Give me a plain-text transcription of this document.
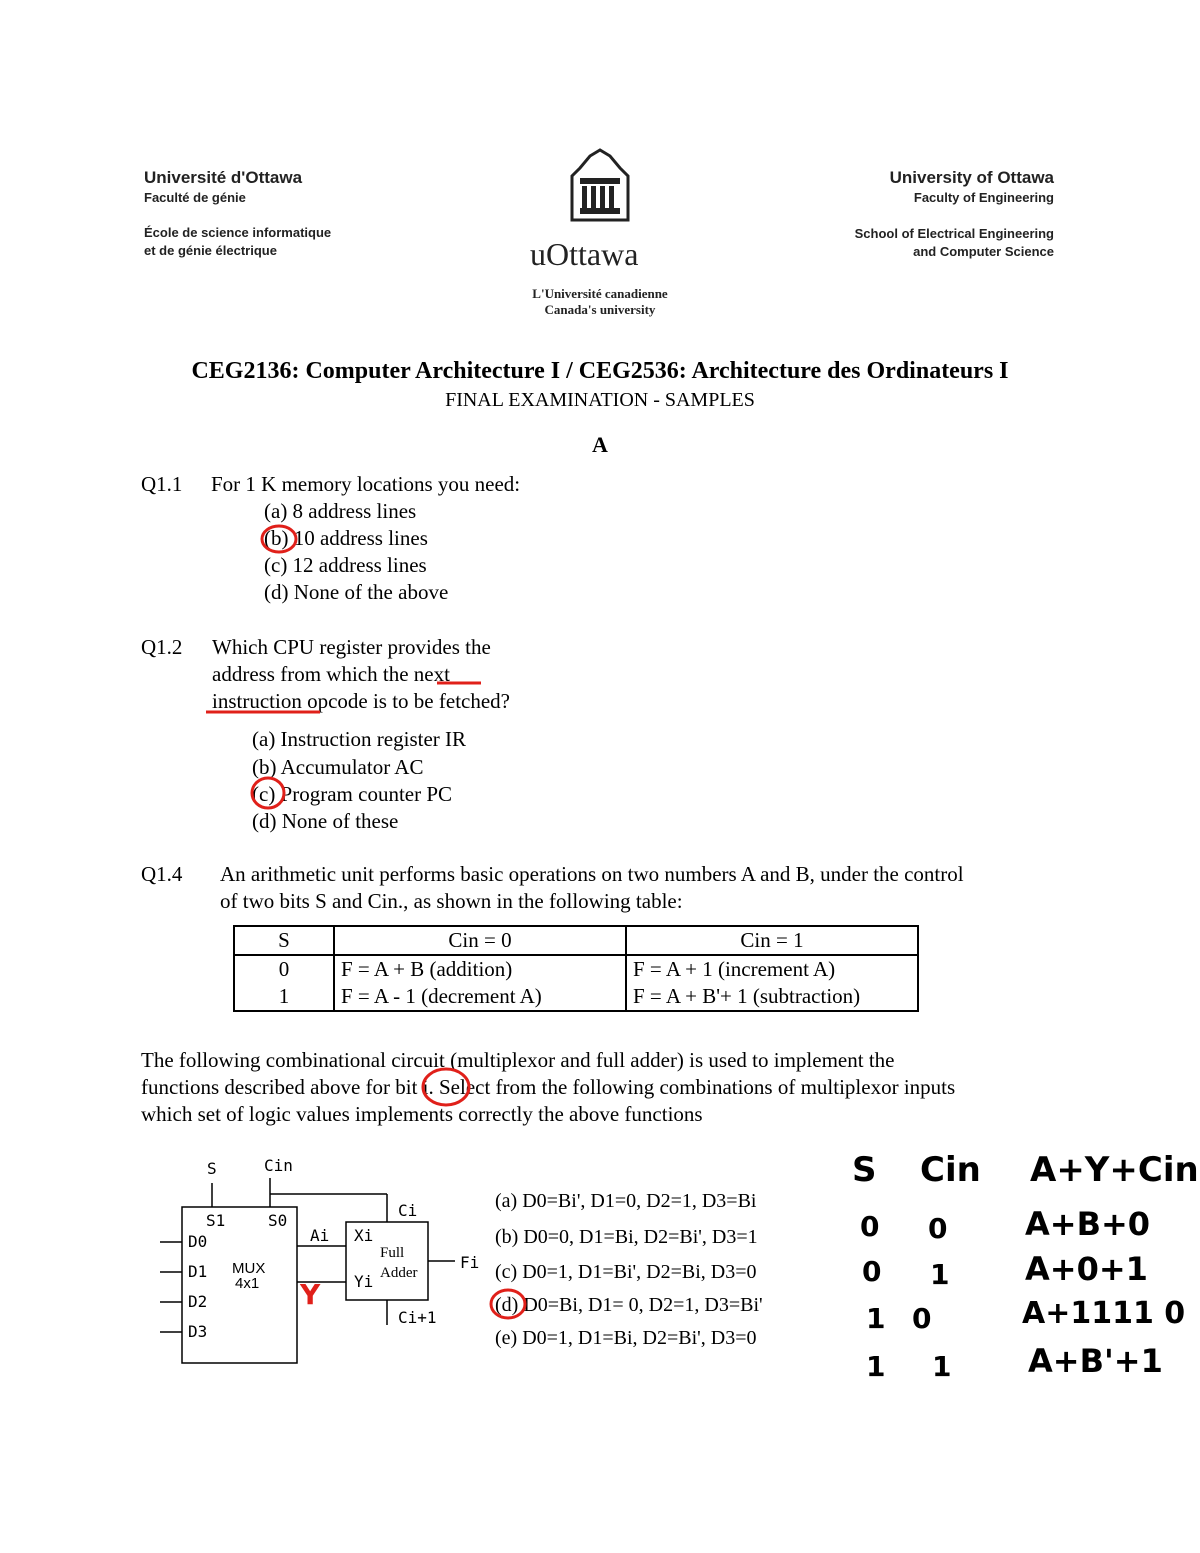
Université d'Ottawa
Faculté de génie
École de science informatique
et de génie électrique	uOttawa
L'Université canadienne
Canada's university
University of Ottawa
Faculty of Engineering
School of Electrical Engineering
and Computer Science
CEG2136: Computer Architecture I / CEG2536: Architecture des Ordinateurs I
FINAL EXAMINATION - SAMPLES
A
Q1.1 For 1 K memory locations you need:
(a) 8 address lines
(b) 10 address lines
(c) 12 address lines
(d) None of the above
Q1.2 Which CPU register provides the
address from which the next
instruction opcode is to be fetched?
(a) Instruction register IR
(b) Accumulator AC
(c) Program counter PC
(d) None of these
Q1.4 An arithmetic unit performs basic operations on two numbers A and B, under the control
of two bits S and Cin., as shown in the following table:
S	Cin = 0	Cin = 1
0	F = A + B (addition)	F = A + 1 (increment A)
1	F = A - 1 (decrement A)	F = A + B'+ 1 (subtraction)
The following combinational circuit (multiplexor and full adder) is used to implement the
functions described above for bit i. Select from the following combinations of multiplexor inputs
which set of logic values implements correctly the above functions
S	Cin
S1	S0
D0
D1
D2
D3
MUX
4x1
Ai Xi
Yi
Ci
Ci+1
Full
Adder
Fi
(a) D0=Bi', D1=0, D2=1, D3=Bi
(b) D0=0, D1=Bi, D2=Bi', D3=1
(c) D0=1, D1=Bi', D2=Bi, D3=0
(d) D0=Bi, D1= 0, D2=1, D3=Bi'
(e) D0=1, D1=Bi, D2=Bi', D3=0
S Cin A+Y+Cin
0 0 A+B+0
0 1 A+0+1
1 0	A+1111 0
1 1 A+B'+1
Y
